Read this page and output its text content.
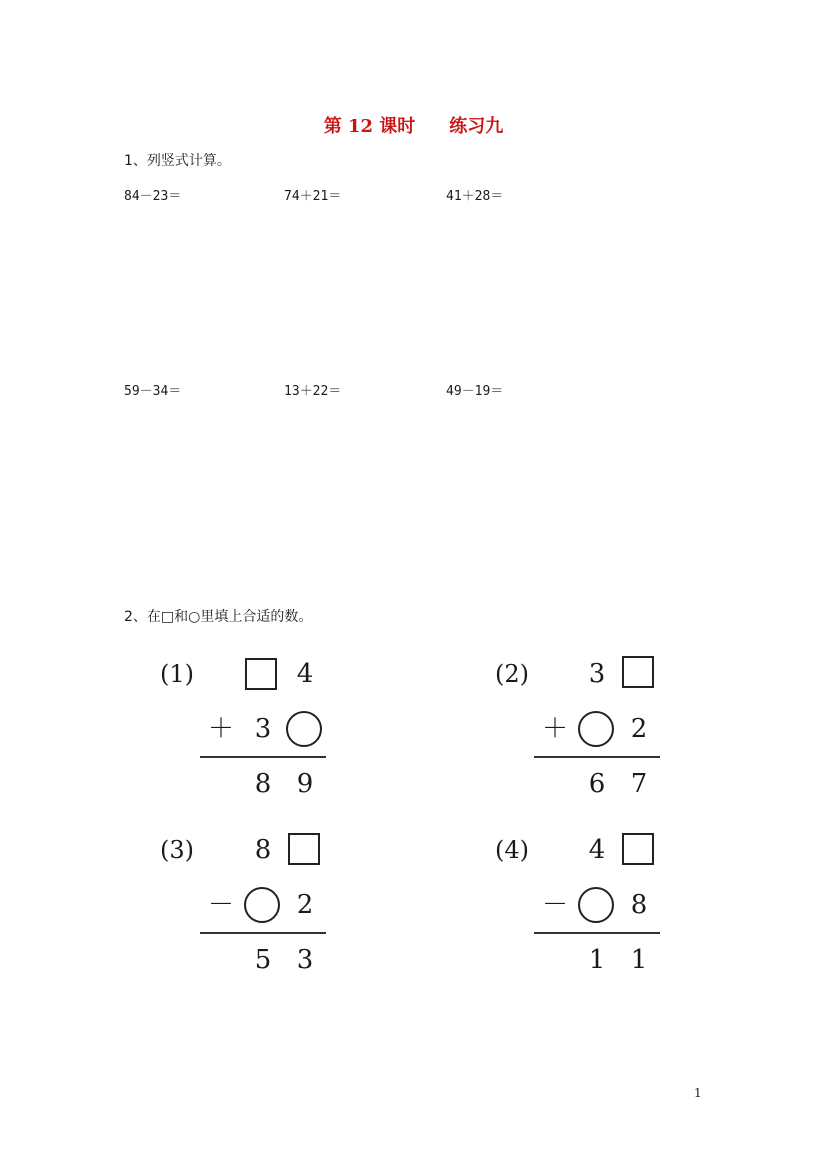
第 12 课时 练习九
1、列竖式计算。
84－23＝	74＋21＝	41＋28＝
59－34＝	13＋22＝	49－19＝
2、在□和○里填上合适的数。
(1)	4
＋ 3
8 9
(2) 3
＋ 2
6 7
(3) 8
－ 2
5 3
(4) 4
－ 8
1 1
1
